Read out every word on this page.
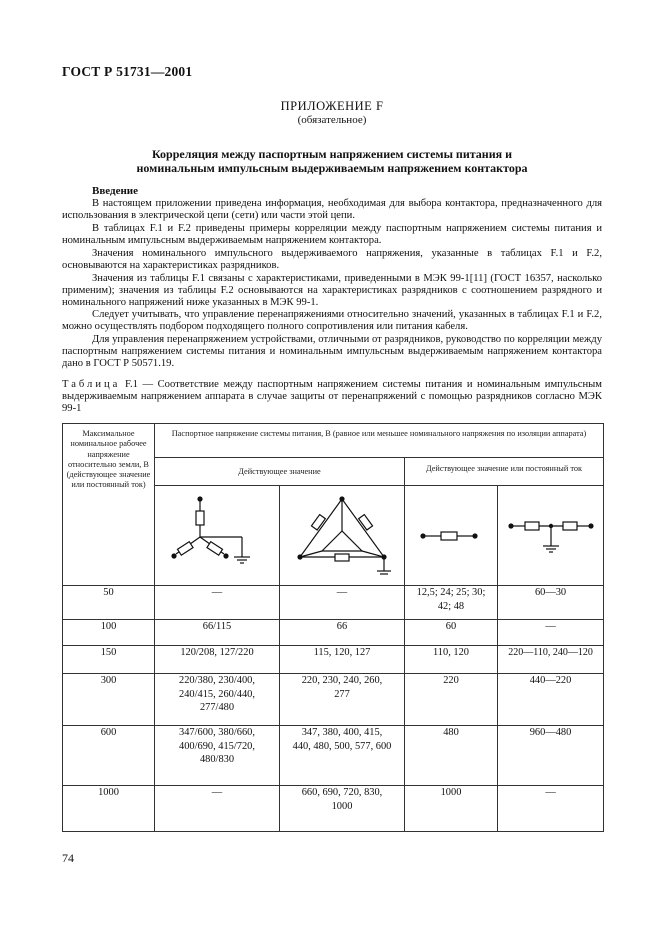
ГОСТ Р 51731—2001
ПРИЛОЖЕНИЕ F
(обязательное)
Корреляция между паспортным напряжением системы питания и номинальным импульсным выдерживаемым напряжением контактора
Введение
В настоящем приложении приведена информация, необходимая для выбора контактора, предназначенного для использования в электрической цепи (сети) или части этой цепи.
В таблицах F.1 и F.2 приведены примеры корреляции между паспортным напряжением системы питания и номинальным импульсным выдерживаемым напряжением контактора.
Значения номинального импульсного выдерживаемого напряжения, указанные в таблицах F.1 и F.2, основываются на характеристиках разрядников.
Значения из таблицы F.1 связаны с характеристиками, приведенными в МЭК 99-1[11] (ГОСТ 16357, насколько применим); значения из таблицы F.2 основываются на характеристиках разрядников с соотношением разрядного и номинального напряжений ниже указанных в МЭК 99-1.
Следует учитывать, что управление перенапряжениями относительно значений, указанных в таблицах F.1 и F.2, можно осуществлять подбором подходящего полного сопротивления или питания кабеля.
Для управления перенапряжением устройствами, отличными от разрядников, руководство по корреляции между паспортным напряжением системы питания и номинальным импульсным выдерживаемым напряжением контактора дано в ГОСТ Р 50571.19.
Таблица F.1 — Соответствие между паспортным напряжением системы питания и номинальным импульсным выдерживаемым напряжением аппарата в случае защиты от перенапряжений с помощью разрядников согласно МЭК 99-1
Максимальное номинальное рабочее напряжение относительно земли, В (действующее значение или постоянный ток)	Паспортное напряжение системы питания, В (равное или меньшее номинального напряжения по изоляции аппарата)			
	Действующее значение		Действующее значение или постоянный ток	

50	—	—	12,5; 24; 25; 30; 42; 48	60—30
100	66/115	66	60	—
150	120/208, 127/220	115, 120, 127	110, 120	220—110, 240—120
300	220/380, 230/400, 240/415, 260/440, 277/480	220, 230, 240, 260, 277	220	440—220
600	347/600, 380/660, 400/690, 415/720, 480/830	347, 380, 400, 415, 440, 480, 500, 577, 600	480	960—480
1000	—	660, 690, 720, 830, 1000	1000	—
74
